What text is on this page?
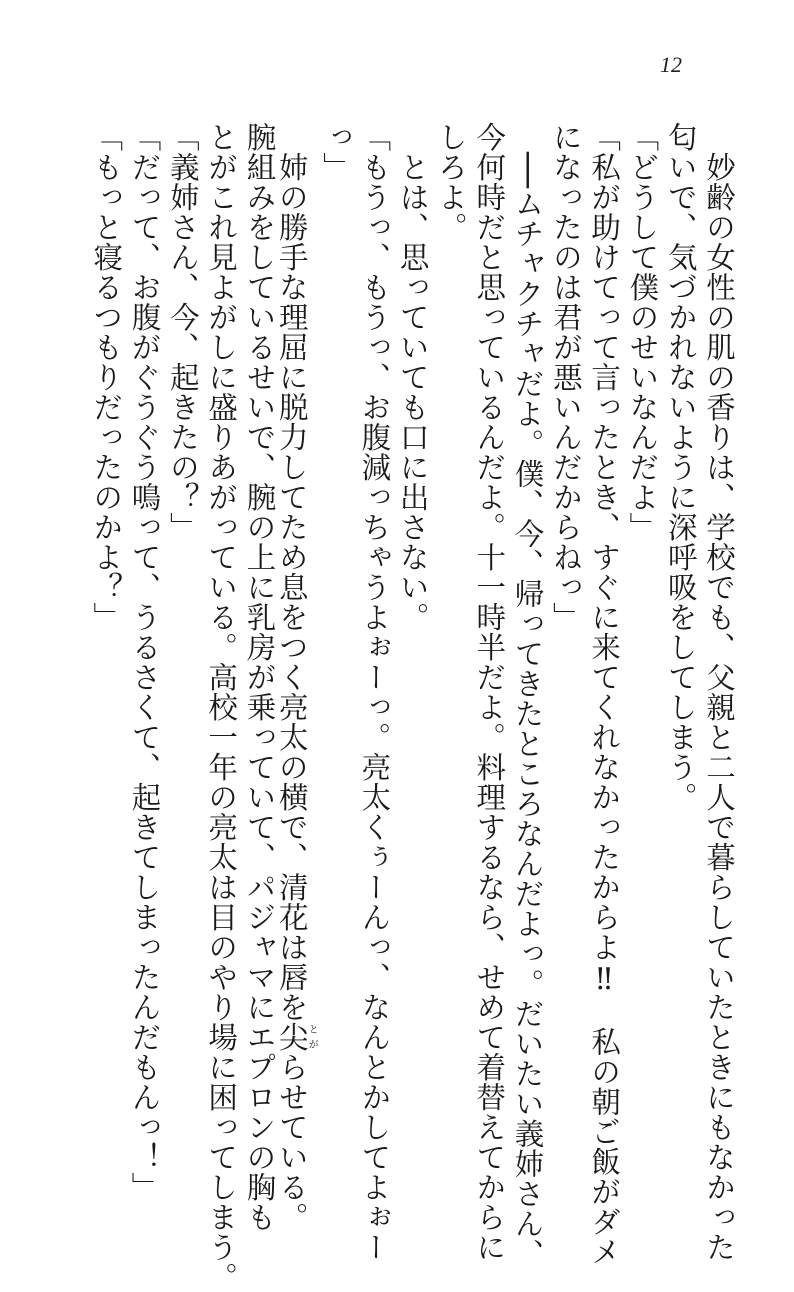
12
　妙齢の女性の肌の香りは、学校でも、父親と二人で暮らしていたときにもなかった
匂いで、気づかれないように深呼吸をしてしまう。
「どうして僕のせいなんだよ」
「私が助けてって言ったとき、すぐに来てくれなかったからよ‼　私の朝ご飯がダメ
になったのは君が悪いんだからねっ」
　──ムチャクチャだよ。僕、今、帰ってきたところなんだよっ。だいたい義姉さん、
今何時だと思っているんだよ。十一時半だよ。料理するなら、せめて着替えてからに
しろよ。
　とは、思っていても口に出さない。
「もうっ、もうっ、お腹減っちゃうよぉーっ。亮太くぅーんっ、なんとかしてよぉー
っ」
　姉の勝手な理屈に脱力してため息をつく亮太の横で、清花は唇を尖とがらせている。
腕組みをしているせいで、腕の上に乳房が乗っていて、パジャマにエプロンの胸も
とがこれ見よがしに盛りあがっている。高校一年の亮太は目のやり場に困ってしまう。
「義姉さん、今、起きたの？」
「だって、お腹がぐうぐう鳴って、うるさくて、起きてしまったんだもんっ！」
「もっと寝るつもりだったのかよ？」
